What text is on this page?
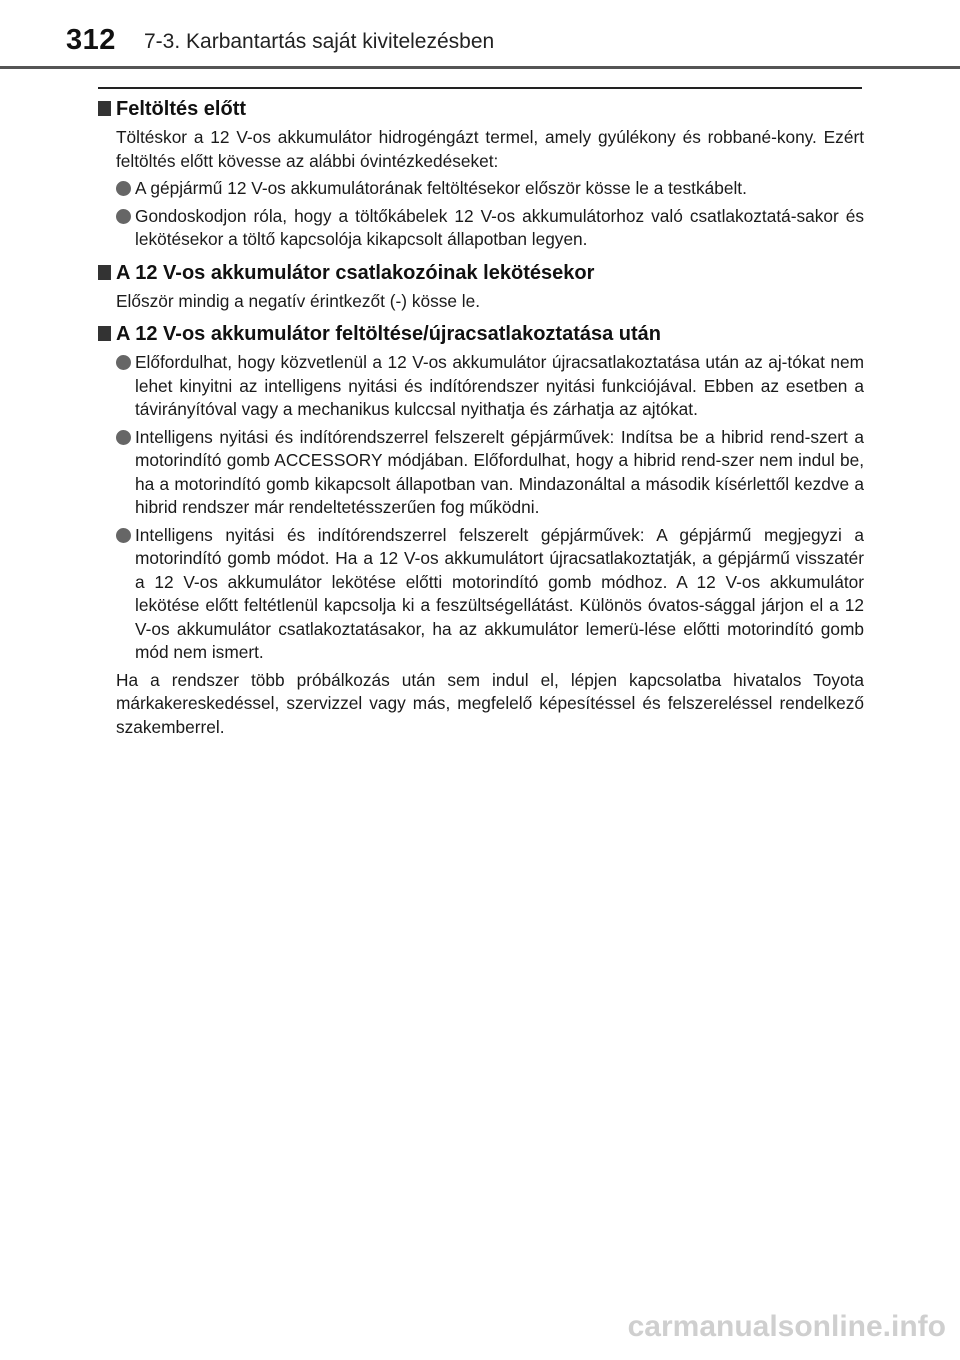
312 7-3. Karbantartás saját kivitelezésben
Feltöltés előtt

Töltéskor a 12 V-os akkumulátor hidrogéngázt termel, amely gyúlékony és robbané-kony. Ezért feltöltés előtt kövesse az alábbi óvintézkedéseket:

A gépjármű 12 V-os akkumulátorának feltöltésekor először kösse le a testkábelt.
Gondoskodjon róla, hogy a töltőkábelek 12 V-os akkumulátorhoz való csatlakoztatá-sakor és lekötésekor a töltő kapcsolója kikapcsolt állapotban legyen.
A 12 V-os akkumulátor csatlakozóinak lekötésekor

Először mindig a negatív érintkezőt (-) kösse le.

A 12 V-os akkumulátor feltöltése/újracsatlakoztatása után
Előfordulhat, hogy közvetlenül a 12 V-os akkumulátor újracsatlakoztatása után az aj-tókat nem lehet kinyitni az intelligens nyitási és indítórendszer nyitási funkciójával. Ebben az esetben a távirányítóval vagy a mechanikus kulccsal nyithatja és zárhatja az ajtókat.
Intelligens nyitási és indítórendszerrel felszerelt gépjárművek: Indítsa be a hibrid rend-szert a motorindító gomb ACCESSORY módjában. Előfordulhat, hogy a hibrid rend-szer nem indul be, ha a motorindító gomb kikapcsolt állapotban van. Mindazonáltal a második kísérlettől kezdve a hibrid rendszer már rendeltetésszerűen fog működni.
Intelligens nyitási és indítórendszerrel felszerelt gépjárművek: A gépjármű megjegyzi a motorindító gomb módot. Ha a 12 V-os akkumulátort újracsatlakoztatják, a gépjármű visszatér a 12 V-os akkumulátor lekötése előtti motorindító gomb módhoz. A 12 V-os akkumulátor lekötése előtt feltétlenül kapcsolja ki a feszültségellátást. Különös óvatos-sággal járjon el a 12 V-os akkumulátor csatlakoztatásakor, ha az akkumulátor lemerü-lése előtti motorindító gomb mód nem ismert.

Ha a rendszer több próbálkozás után sem indul el, lépjen kapcsolatba hivatalos Toyota márkakereskedéssel, szervizzel vagy más, megfelelő képesítéssel és felszereléssel rendelkező szakemberrel.

carmanualsonline.info
